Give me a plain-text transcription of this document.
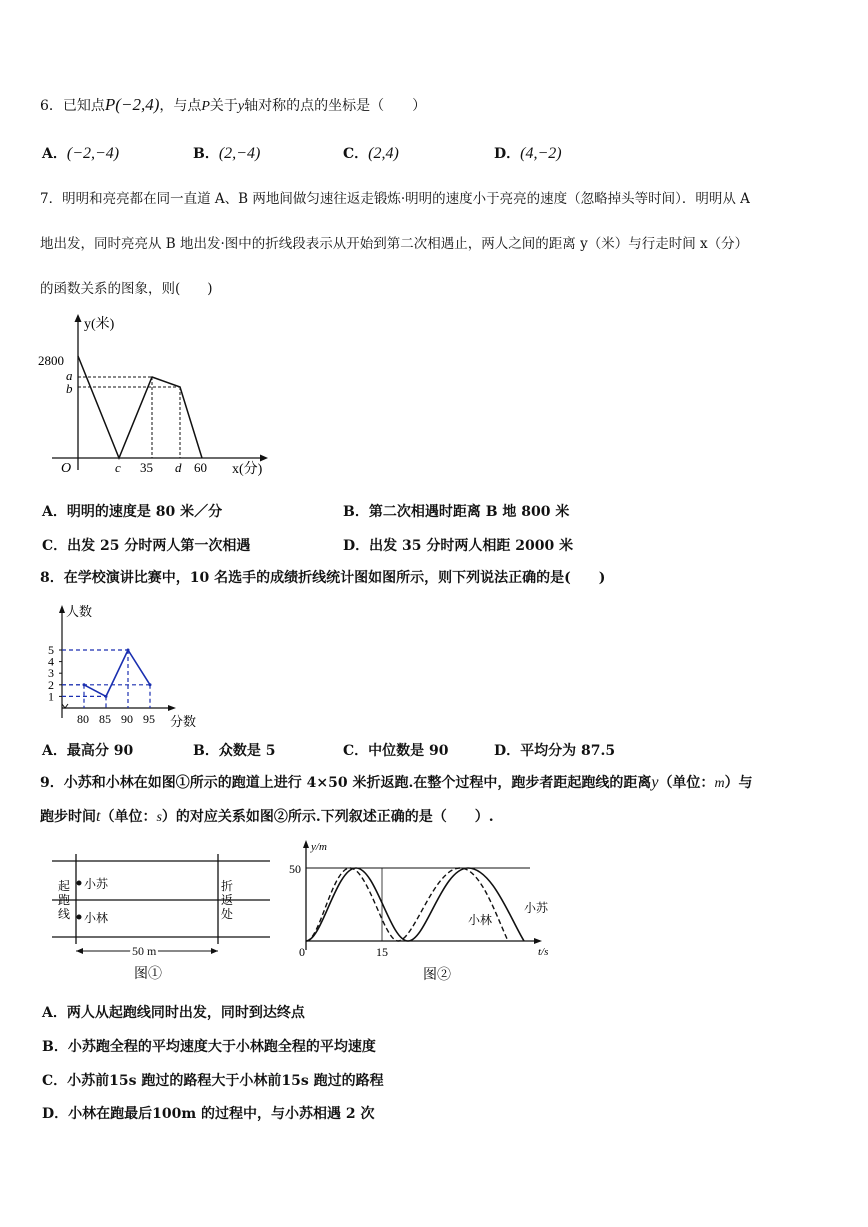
6．已知点P(−2,4)，与点P关于y轴对称的点的坐标是（　　）
A．(−2,−4)	B．(2,−4)	C．(2,4)	D．(4,−2)
7．明明和亮亮都在同一直道 A、B 两地间做匀速往返走锻炼·明明的速度小于亮亮的速度（忽略掉头等时间）．明明从 A
地出发，同时亮亮从 B 地出发·图中的折线段表示从开始到第二次相遇止，两人之间的距离 y（米）与行走时间 x（分）
的函数关系的图象，则(　　)
y(米)
2800
a
b
O	c 35 d 60 x(分)
A．明明的速度是 80 米／分	B．第二次相遇时距离 B 地 800 米
C．出发 25 分时两人第一次相遇	D．出发 35 分时两人相距 2000 米
8．在学校演讲比赛中，10 名选手的成绩折线统计图如图所示，则下列说法正确的是(　　)
人数
分数
1
2
3
4
5
80 85 90 95
A．最高分 90	B．众数是 5	C．中位数是 90	D．平均分为 87.5
9．小苏和小林在如图①所示的跑道上进行 4×50 米折返跑.在整个过程中，跑步者距起跑线的距离y（单位：m）与
跑步时间t（单位：s）的对应关系如图②所示.下列叙述正确的是（　　）.
起
跑
线
折
返
处
小苏
小林
50 m
图①
y/m
50
0	15	t/s
小林
小苏
图②
A．两人从起跑线同时出发，同时到达终点
B．小苏跑全程的平均速度大于小林跑全程的平均速度
C．小苏前15s 跑过的路程大于小林前15s 跑过的路程
D．小林在跑最后100m 的过程中，与小苏相遇 2 次
